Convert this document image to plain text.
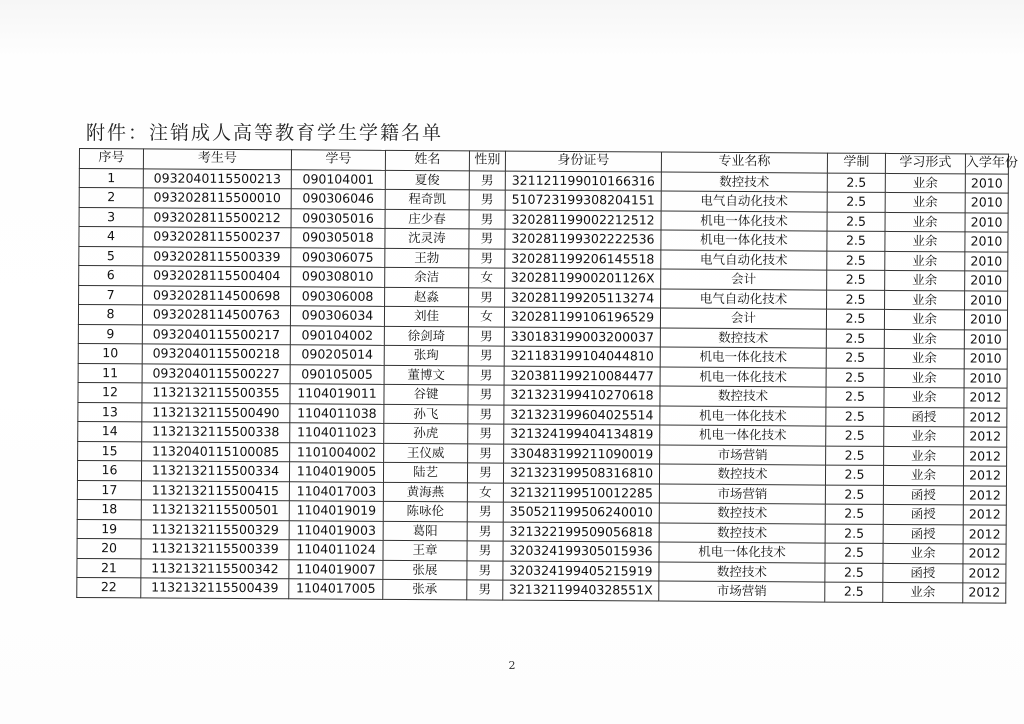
附件：注销成人高等教育学生学籍名单
序号	考生号	学号	姓名	性别	身份证号	专业名称	学制	学习形式	入学年份
1	0932040115500213	090104001	夏俊	男	321121199010166316	数控技术	2.5	业余	2010
2	0932028115500010	090306046	程奇凯	男	510723199308204151	电气自动化技术	2.5	业余	2010
3	0932028115500212	090305016	庄少春	男	320281199002212512	机电一体化技术	2.5	业余	2010
4	0932028115500237	090305018	沈灵涛	男	320281199302222536	机电一体化技术	2.5	业余	2010
5	0932028115500339	090306075	王勃	男	320281199206145518	电气自动化技术	2.5	业余	2010
6	0932028115500404	090308010	余洁	女	32028119900201126X	会计	2.5	业余	2010
7	0932028114500698	090306008	赵淼	男	320281199205113274	电气自动化技术	2.5	业余	2010
8	0932028114500763	090306034	刘佳	女	320281199106196529	会计	2.5	业余	2010
9	0932040115500217	090104002	徐剑琦	男	330183199003200037	数控技术	2.5	业余	2010
10	0932040115500218	090205014	张珣	男	321183199104044810	机电一体化技术	2.5	业余	2010
11	0932040115500227	090105005	董博文	男	320381199210084477	机电一体化技术	2.5	业余	2010
12	1132132115500355	1104019011	谷键	男	321323199410270618	数控技术	2.5	业余	2012
13	1132132115500490	1104011038	孙飞	男	321323199604025514	机电一体化技术	2.5	函授	2012
14	1132132115500338	1104011023	孙虎	男	321324199404134819	机电一体化技术	2.5	业余	2012
15	1132040115100085	1101004002	王仪威	男	330483199211090019	市场营销	2.5	业余	2012
16	1132132115500334	1104019005	陆艺	男	321323199508316810	数控技术	2.5	业余	2012
17	1132132115500415	1104017003	黄海燕	女	321321199510012285	市场营销	2.5	函授	2012
18	1132132115500501	1104019019	陈咏伦	男	350521199506240010	数控技术	2.5	函授	2012
19	1132132115500329	1104019003	葛阳	男	321322199509056818	数控技术	2.5	函授	2012
20	1132132115500339	1104011024	王章	男	320324199305015936	机电一体化技术	2.5	业余	2012
21	1132132115500342	1104019007	张展	男	320324199405215919	数控技术	2.5	函授	2012
22	1132132115500439	1104017005	张承	男	32132119940328551X	市场营销	2.5	业余	2012
2
